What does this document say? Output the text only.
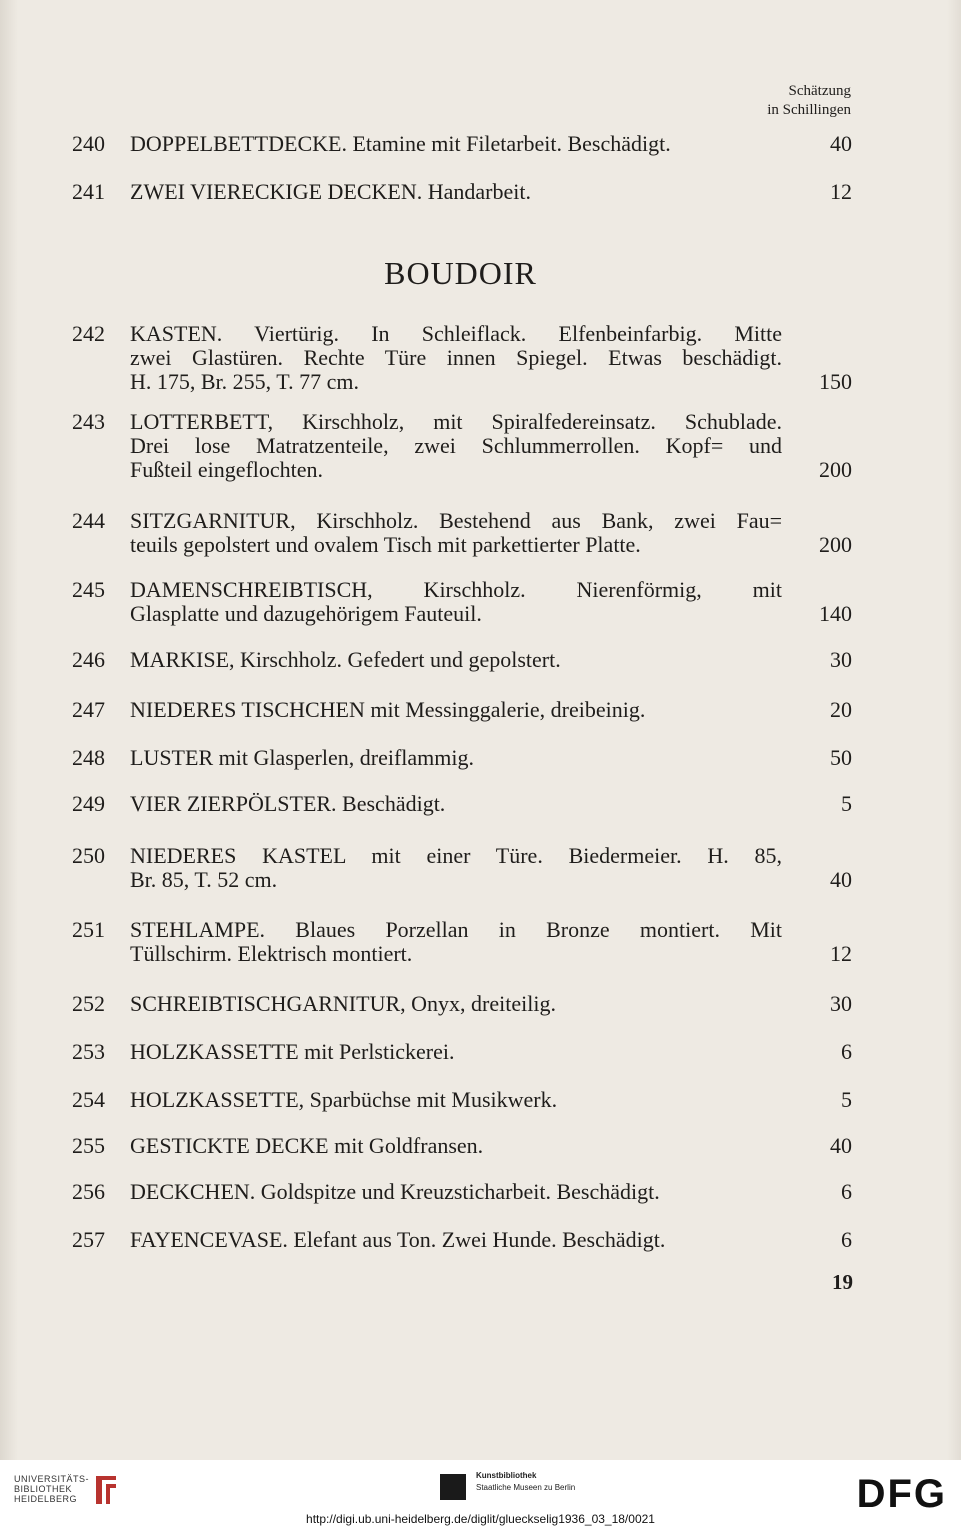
Schätzung
in Schillingen
240	DOPPELBETTDECKE. Etamine mit Filetarbeit. Beschädigt.	40
241	ZWEI VIERECKIGE DECKEN. Handarbeit.	12
BOUDOIR
242	KASTEN. Viertürig. In Schleiflack. Elfenbeinfarbig. Mitte
zwei Glastüren. Rechte Türe innen Spiegel. Etwas beschädigt.
H. 175, Br. 255, T. 77 cm.	150
243	LOTTERBETT, Kirschholz, mit Spiralfedereinsatz. Schublade.
Drei lose Matratzenteile, zwei Schlummerrollen. Kopf= und
Fußteil eingeflochten.	200
244	SITZGARNITUR, Kirschholz. Bestehend aus Bank, zwei Fau=
teuils gepolstert und ovalem Tisch mit parkettierter Platte.	200
245	DAMENSCHREIBTISCH, Kirschholz. Nierenförmig, mit
Glasplatte und dazugehörigem Fauteuil.	140
246	MARKISE, Kirschholz. Gefedert und gepolstert.	30
247	NIEDERES TISCHCHEN mit Messinggalerie, dreibeinig.	20
248	LUSTER mit Glasperlen, dreiflammig.	50
249	VIER ZIERPÖLSTER. Beschädigt.	5
250	NIEDERES KASTEL mit einer Türe. Biedermeier. H. 85,
Br. 85, T. 52 cm.	40
251	STEHLAMPE. Blaues Porzellan in Bronze montiert. Mit
Tüllschirm. Elektrisch montiert.	12
252	SCHREIBTISCHGARNITUR, Onyx, dreiteilig.	30
253	HOLZKASSETTE mit Perlstickerei.	6
254	HOLZKASSETTE, Sparbüchse mit Musikwerk.	5
255	GESTICKTE DECKE mit Goldfransen.	40
256	DECKCHEN. Goldspitze und Kreuzsticharbeit. Beschädigt.	6
257	FAYENCEVASE. Elefant aus Ton. Zwei Hunde. Beschädigt.	6
19
UNIVERSITÄTS-
BIBLIOTHEK
HEIDELBERG
Kunstbibliothek
Staatliche Museen zu Berlin	DFG
http://digi.ub.uni-heidelberg.de/diglit/glueckselig1936_03_18/0021
